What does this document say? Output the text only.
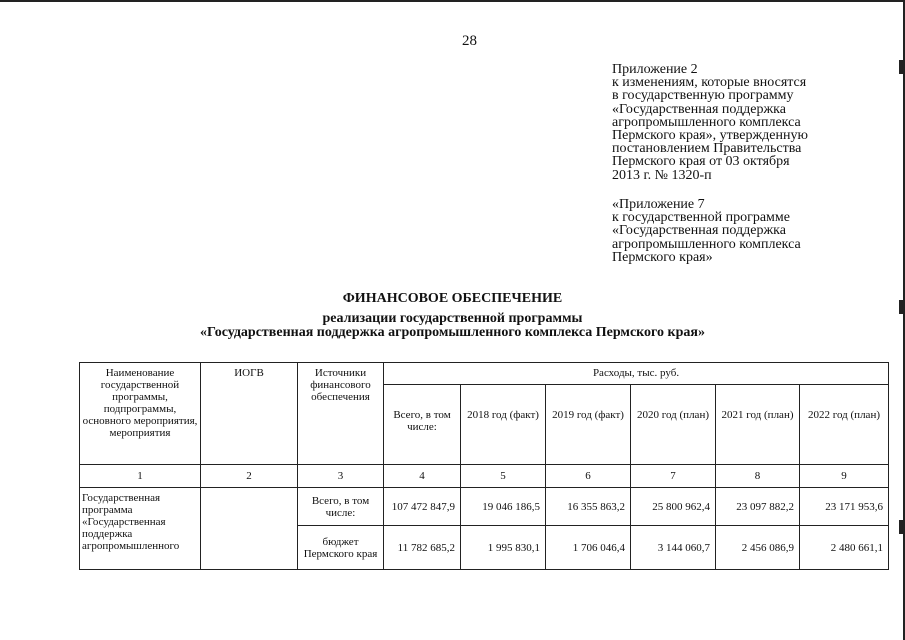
28
Приложение 2
к изменениям, которые вносятся
в государственную программу
«Государственная поддержка
агропромышленного комплекса
Пермского края», утвержденную
постановлением Правительства
Пермского края от 03 октября
2013 г. № 1320-п
«Приложение 7
к государственной программе
«Государственная поддержка
агропромышленного комплекса
Пермского края»
ФИНАНСОВОЕ ОБЕСПЕЧЕНИЕ
реализации государственной программы
«Государственная поддержка агропромышленного комплекса Пермского края»
Наименование государственной программы, подпрограммы, основного мероприятия, мероприятия	ИОГВ	Источники финансового обеспечения	Расходы, тыс. руб.					
			Всего, в том числе:	2018 год (факт)	2019 год (факт)	2020 год (план)	2021 год (план)	2022 год (план)
1	2	3	4	5	6	7	8	9
Государственная программа «Государственная поддержка агропромышленного		Всего, в том числе:	107 472 847,9	19 046 186,5	16 355 863,2	25 800 962,4	23 097 882,2	23 171 953,6
		бюджет Пермского края	11 782 685,2	1 995 830,1	1 706 046,4	3 144 060,7	2 456 086,9	2 480 661,1
